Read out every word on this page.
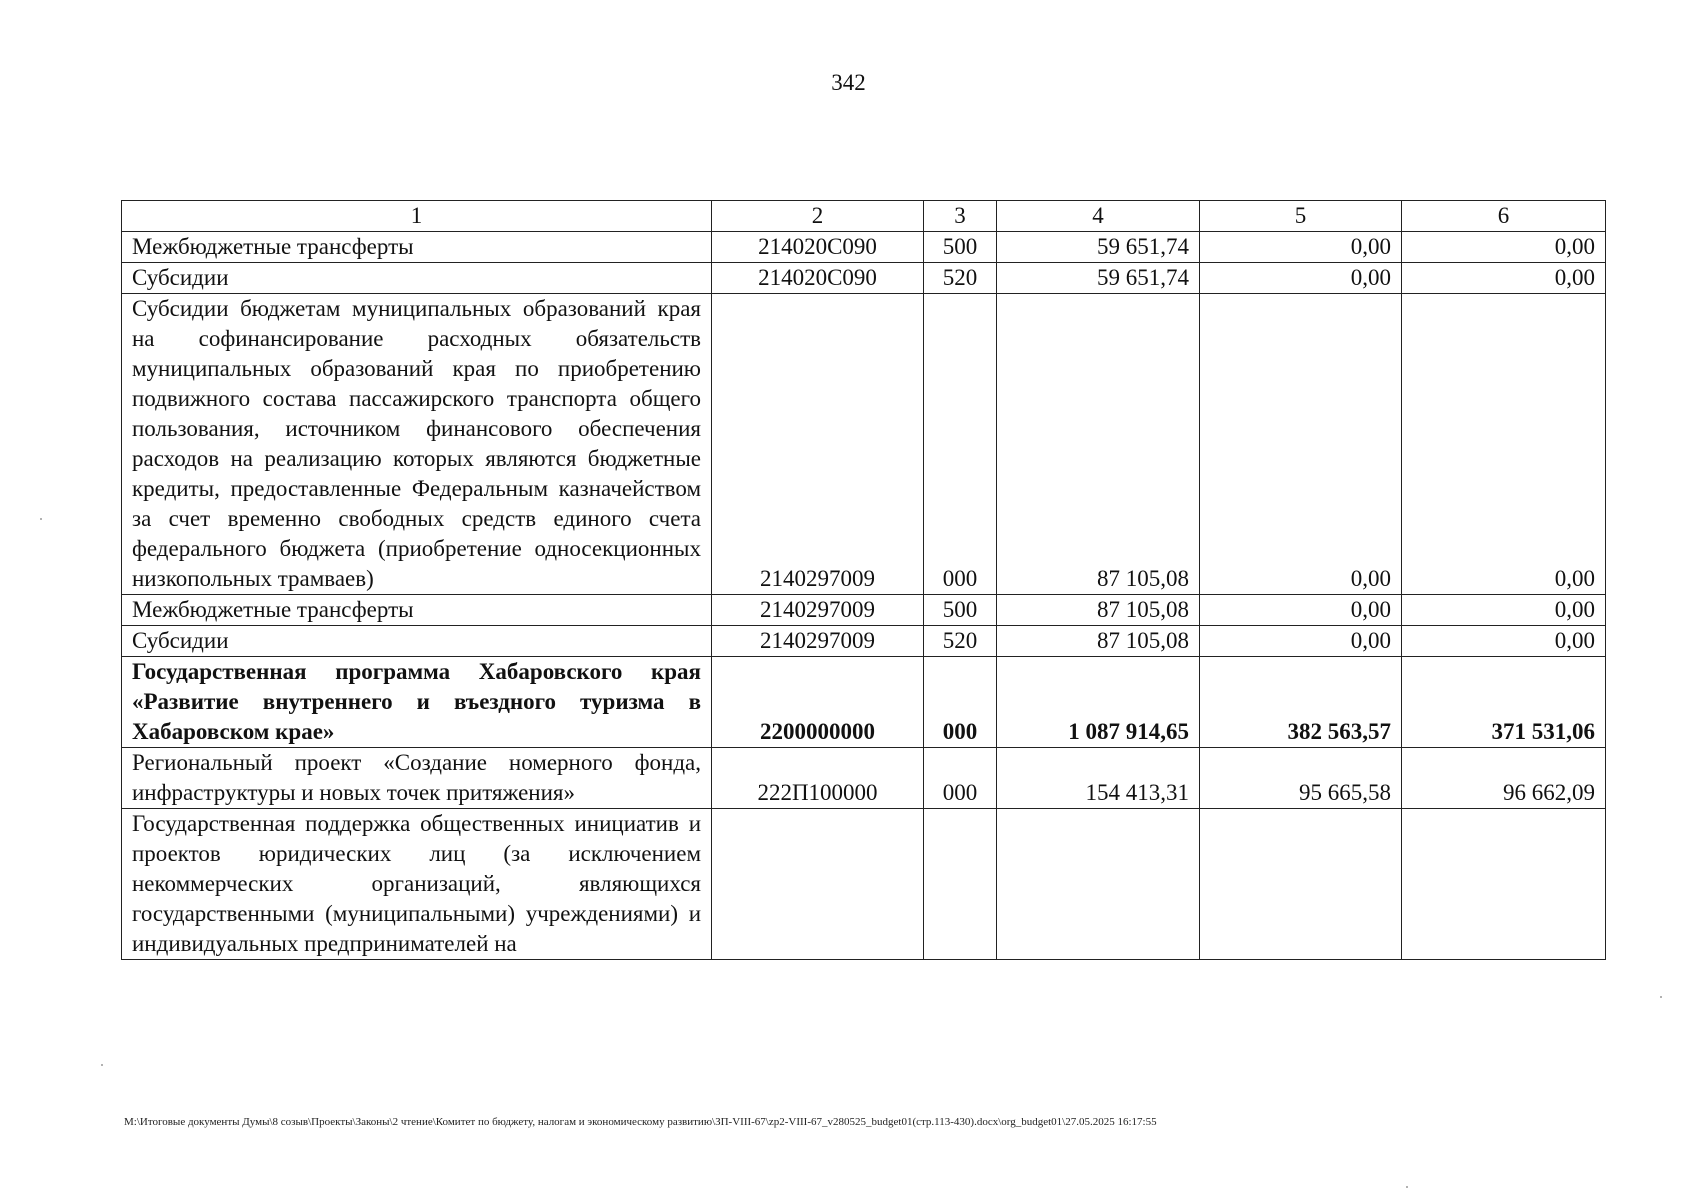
342
1	2	3	4	5	6
Межбюджетные трансферты	214020С090	500	59 651,74	0,00	0,00
Субсидии	214020С090	520	59 651,74	0,00	0,00
Субсидии бюджетам муниципальных образований края на софинансирование расходных обязательств муниципальных образований края по приобретению подвижного состава пассажирского транспорта общего пользования, источником финансового обеспечения расходов на реализацию которых являются бюджетные кредиты, предоставленные Федеральным казначейством за счет временно свободных средств единого счета федерального бюджета (приобретение односекционных низкопольных трамваев)	2140297009	000	87 105,08	0,00	0,00
Межбюджетные трансферты	2140297009	500	87 105,08	0,00	0,00
Субсидии	2140297009	520	87 105,08	0,00	0,00
Государственная программа Хабаровского края «Развитие внутреннего и въездного туризма в Хабаровском крае»	2200000000	000	1 087 914,65	382 563,57	371 531,06
Региональный проект «Создание номерного фонда, инфраструктуры и новых точек притяжения»	222П100000	000	154 413,31	95 665,58	96 662,09
Государственная поддержка общественных инициатив и проектов юридических лиц (за исключением некоммерческих организаций, являющихся государственными (муниципальными) учреждениями) и индивидуальных предпринимателей на					
М:\Итоговые документы Думы\8 созыв\Проекты\Законы\2 чтение\Комитет по бюджету, налогам и экономическому развитию\ЗП-VIII-67\zp2-VIII-67_v280525_budget01(стр.113-430).docx\org_budget01\27.05.2025 16:17:55
